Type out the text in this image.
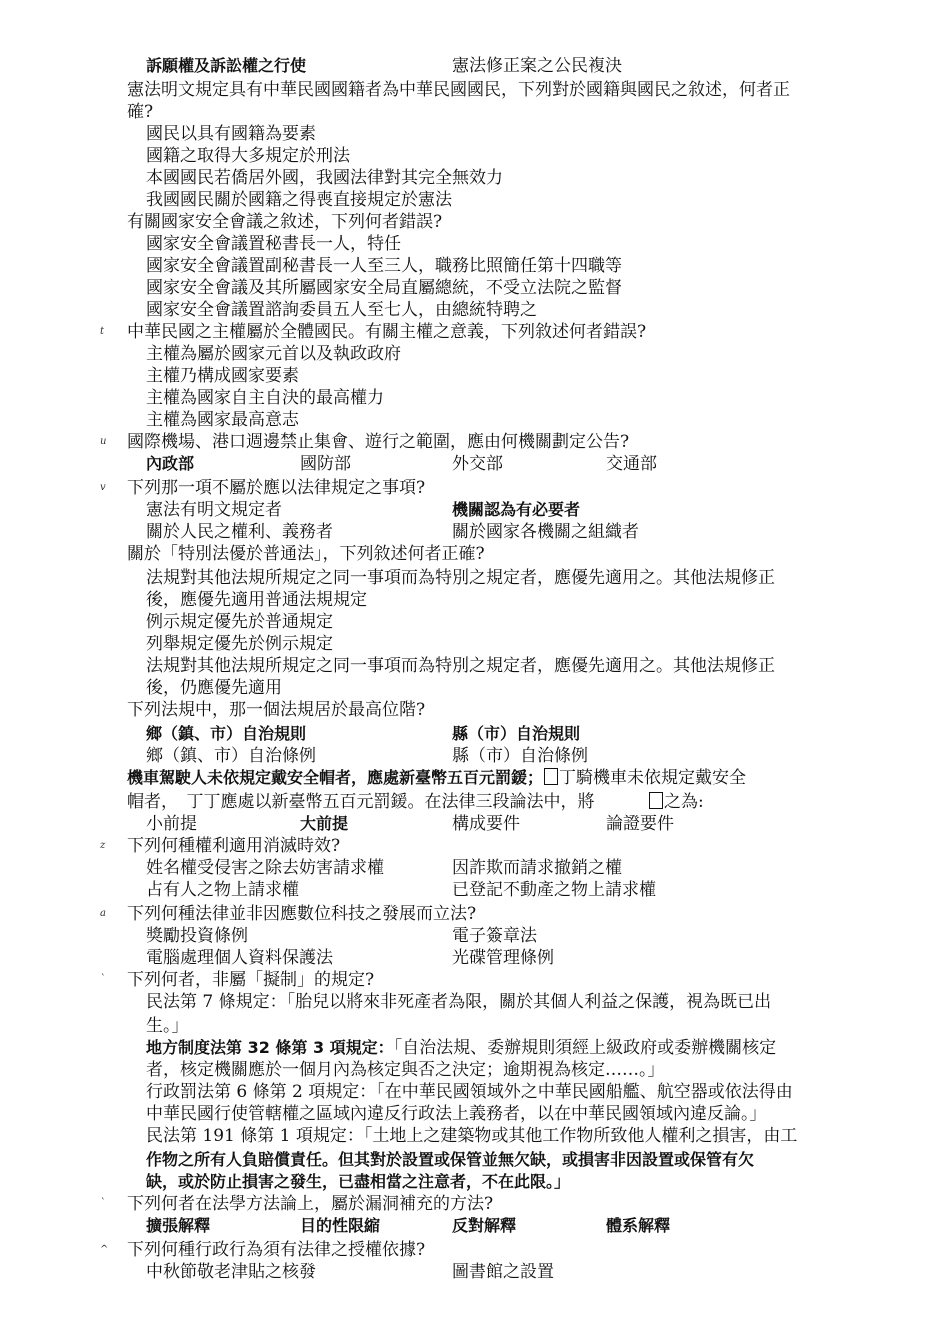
訴願權及訴訟權之行使	憲法修正案之公民複決
憲法明文規定具有中華民國國籍者為中華民國國民，下列對於國籍與國民之敘述，何者正
確?
國民以具有國籍為要素
國籍之取得大多規定於刑法
本國國民若僑居外國，我國法律對其完全無效力
我國國民關於國籍之得喪直接規定於憲法
有關國家安全會議之敘述，下列何者錯誤?
國家安全會議置秘書長一人，特任
國家安全會議置副秘書長一人至三人，職務比照簡任第十四職等
國家安全會議及其所屬國家安全局直屬總統，不受立法院之監督
國家安全會議置諮詢委員五人至七人，由總統特聘之
t 中華民國之主權屬於全體國民。有關主權之意義，下列敘述何者錯誤?
主權為屬於國家元首以及執政政府
主權乃構成國家要素
主權為國家自主自決的最高權力
主權為國家最高意志
u 國際機場、港口週邊禁止集會、遊行之範圍，應由何機關劃定公告?
內政部	國防部	外交部	交通部
v 下列那一項不屬於應以法律規定之事項?
憲法有明文規定者	機關認為有必要者
關於人民之權利、義務者	關於國家各機關之組織者
關於「特別法優於普通法」，下列敘述何者正確?
法規對其他法規所規定之同一事項而為特別之規定者，應優先適用之。其他法規修正
後，應優先適用普通法規規定
例示規定優先於普通規定
列舉規定優先於例示規定
法規對其他法規所規定之同一事項而為特別之規定者，應優先適用之。其他法規修正
後，仍應優先適用
下列法規中，那一個法規居於最高位階?
鄉（鎮、市）自治規則	縣（市）自治規則
鄉（鎮、市）自治條例	縣（市）自治條例
機車駕駛人未依規定戴安全帽者，應處新臺幣五百元罰鍰； 丁騎機車未依規定戴安全
帽者，　丁丁應處以新臺幣五百元罰鍰。在法律三段論法中，將	之為:
小前提	大前提	構成要件	論證要件
z 下列何種權利適用消滅時效?
姓名權受侵害之除去妨害請求權	因詐欺而請求撤銷之權
占有人之物上請求權	已登記不動產之物上請求權
a 下列何種法律並非因應數位科技之發展而立法?
獎勵投資條例	電子簽章法
電腦處理個人資料保護法	光碟管理條例
` 下列何者，非屬「擬制」的規定?
民法第 7 條規定：「胎兒以將來非死產者為限，關於其個人利益之保護，視為既已出
生。」
地方制度法第 32 條第 3 項規定：「自治法規、委辦規則須經上級政府或委辦機關核定
者，核定機關應於一個月內為核定與否之決定；逾期視為核定……。」
行政罰法第 6 條第 2 項規定：「在中華民國領域外之中華民國船艦、航空器或依法得由
中華民國行使管轄權之區域內違反行政法上義務者，以在中華民國領域內違反論。」
民法第 191 條第 1 項規定：「土地上之建築物或其他工作物所致他人權利之損害，由工
作物之所有人負賠償責任。但其對於設置或保管並無欠缺，或損害非因設置或保管有欠
缺，或於防止損害之發生，已盡相當之注意者，不在此限。」
` 下列何者在法學方法論上，屬於漏洞補充的方法?
擴張解釋	目的性限縮	反對解釋	體系解釋
^ 下列何種行政行為須有法律之授權依據?
中秋節敬老津貼之核發	圖書館之設置
